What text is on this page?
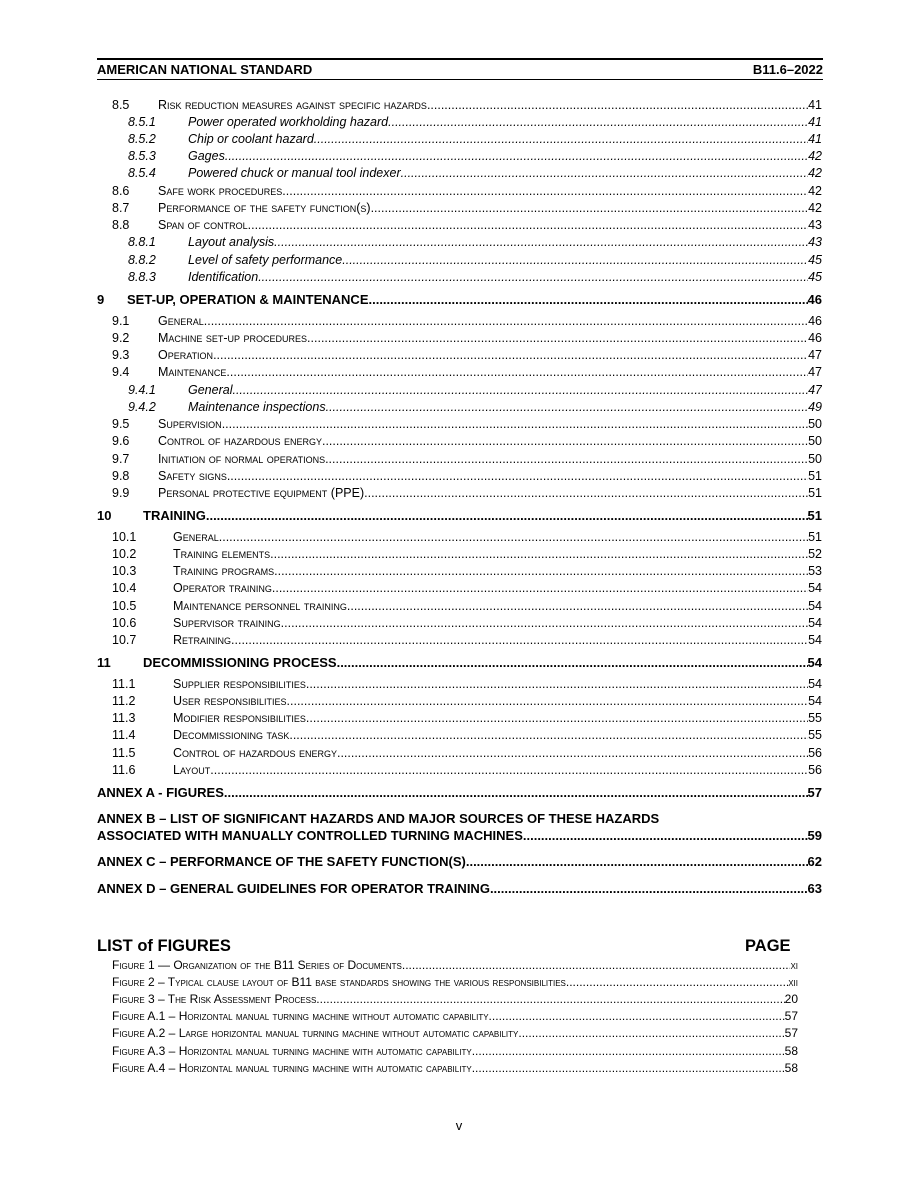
AMERICAN NATIONAL STANDARD	B11.6–2022
8.5	Risk reduction measures against specific hazards .....	41
8.5.1	Power operated workholding hazard .....	41
8.5.2	Chip or coolant hazard .....	41
8.5.3	Gages .....	42
8.5.4	Powered chuck or manual tool indexer .....	42
8.6	Safe work procedures .....	42
8.7	Performance of the safety function(s) .....	42
8.8	Span of control .....	43
8.8.1	Layout analysis .....	43
8.8.2	Level of safety performance .....	45
8.8.3	Identification .....	45
9	SET-UP, OPERATION & MAINTENANCE .....	46
9.1	General .....	46
9.2	Machine set-up procedures .....	46
9.3	Operation .....	47
9.4	Maintenance .....	47
9.4.1	General .....	47
9.4.2	Maintenance inspections .....	49
9.5	Supervision .....	50
9.6	Control of hazardous energy .....	50
9.7	Initiation of normal operations .....	50
9.8	Safety signs .....	51
9.9	Personal protective equipment (PPE) .....	51
10	TRAINING .....	51
10.1	General .....	51
10.2	Training elements .....	52
10.3	Training programs .....	53
10.4	Operator training .....	54
10.5	Maintenance personnel training .....	54
10.6	Supervisor training .....	54
10.7	Retraining .....	54
11	DECOMMISSIONING PROCESS .....	54
11.1	Supplier responsibilities .....	54
11.2	User responsibilities .....	54
11.3	Modifier responsibilities .....	55
11.4	Decommissioning task .....	55
11.5	Control of hazardous energy .....	56
11.6	Layout .....	56
ANNEX A - FIGURES .....	57
ANNEX B – LIST OF SIGNIFICANT HAZARDS AND MAJOR SOURCES OF THESE HAZARDS
ASSOCIATED WITH MANUALLY CONTROLLED TURNING MACHINES .....	59
ANNEX C – PERFORMANCE OF THE SAFETY FUNCTION(S) .....	62
ANNEX D – GENERAL GUIDELINES FOR OPERATOR TRAINING .....	63
LIST of FIGURES	PAGE
Figure 1 — Organization of the B11 Series of Documents .....	xi
Figure 2 – Typical clause layout of B11 base standards showing the various responsibilities .....	xii
Figure 3 – The Risk Assessment Process .....	20
Figure A.1 – Horizontal manual turning machine without automatic capability. .....	57
Figure A.2 – Large horizontal manual turning machine without automatic capability .....	57
Figure A.3 – Horizontal manual turning machine with automatic capability .....	58
Figure A.4 – Horizontal manual turning machine with automatic capability .....	58
v
